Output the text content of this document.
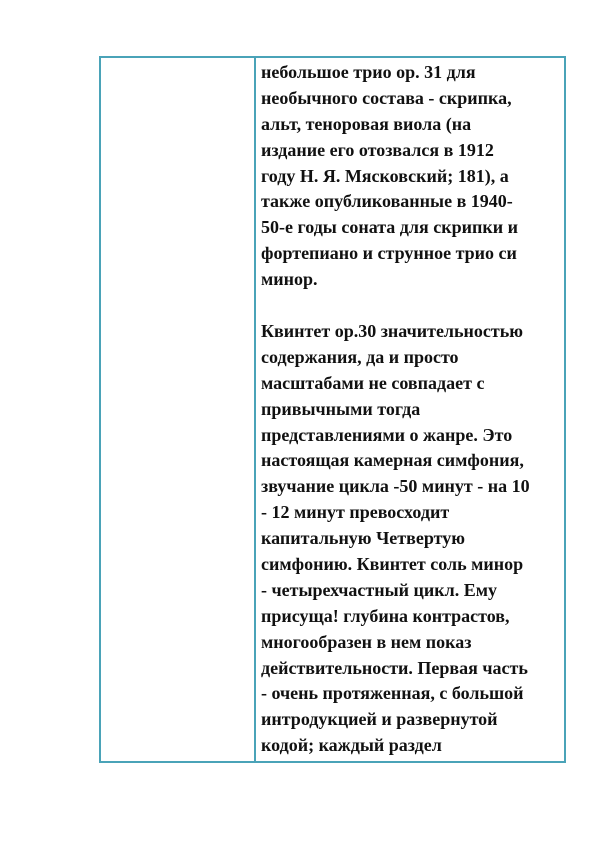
небольшое трио ор. 31 для
необычного состава - скрипка,
альт, теноровая виола (на
издание его отозвался в 1912
году Н. Я. Мясковский; 181), а
также опубликованные в 1940-
50-е годы соната для скрипки и
фортепиано и струнное трио си
минор.

Квинтет ор.30 значительностью
содержания, да и просто
масштабами не совпадает с
привычными тогда
представлениями о жанре. Это
настоящая камерная симфония,
звучание цикла -50 минут - на 10
- 12 минут превосходит
капитальную Четвертую
симфонию. Квинтет соль минор
- четырехчастный цикл. Ему
присуща! глубина контрастов,
многообразен в нем показ
действительности. Первая часть
- очень протяженная, с большой
интродукцией и развернутой
кодой; каждый раздел
